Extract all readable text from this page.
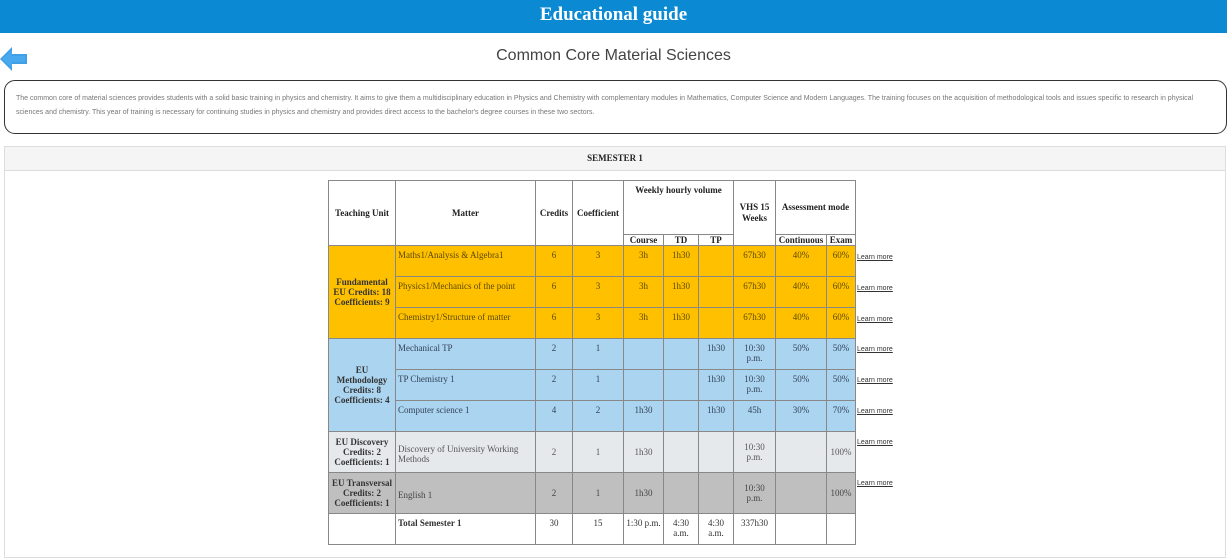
Educational guide
Common Core Material Sciences
The common core of material sciences provides students with a solid basic training in physics and chemistry. It aims to give them a multidisciplinary education in Physics and Chemistry with complementary modules in Mathematics, Computer Science and Modern Languages. The training focuses on the acquisition of methodological tools and issues specific to research in physical sciences and chemistry. This year of training is necessary for continuing studies in physics and chemistry and provides direct access to the bachelor's degree courses in these two sectors.
SEMESTER 1
Teaching Unit	Matter	Credits	Coefficient	Weekly hourly volume			VHS 15 Weeks	Assessment mode	
				Course	TD	TP		Continuous	Exam
Fundamental EU Credits: 18 Coefficients: 9	Maths1/Analysis & Algebra1	6	3	3h	1h30		67h30	40%	60%
	Physics1/Mechanics of the point	6	3	3h	1h30		67h30	40%	60%
	Chemistry1/Structure of matter	6	3	3h	1h30		67h30	40%	60%
EU Methodology Credits: 8 Coefficients: 4	Mechanical TP	2	1			1h30	10:30 p.m.	50%	50%
	TP Chemistry 1	2	1			1h30	10:30 p.m.	50%	50%
	Computer science 1	4	2	1h30		1h30	45h	30%	70%
EU Discovery Credits: 2 Coefficients: 1	Discovery of University Working Methods	2	1	1h30			10:30 p.m.		100%
EU Transversal Credits: 2 Coefficients: 1	English 1	2	1	1h30			10:30 p.m.		100%
	Total Semester 1	30	15	1:30 p.m.	4:30 a.m.	4:30 a.m.	337h30		
Learn more
Learn more
Learn more
Learn more
Learn more
Learn more
Learn more
Learn more
